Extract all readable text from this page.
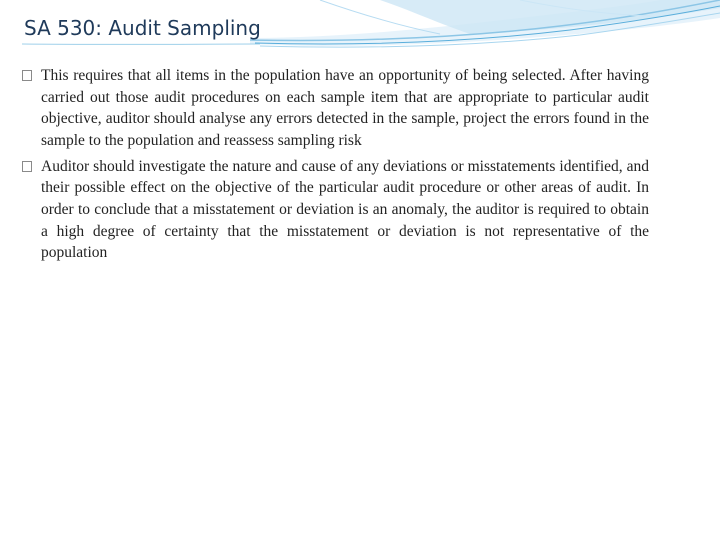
SA 530: Audit Sampling
This requires that all items in the population have an opportunity of being selected. After having carried out those audit procedures on each sample item that are appropriate to particular audit objective, auditor should analyse any errors detected in the sample, project the errors found in the sample to the population and reassess sampling risk
Auditor should investigate the nature and cause of any deviations or misstatements identified, and their possible effect on the objective of the particular audit procedure or other areas of audit. In order to conclude that a misstatement or deviation is an anomaly, the auditor is required to obtain a high degree of certainty that the misstatement or deviation is not representative of the population
